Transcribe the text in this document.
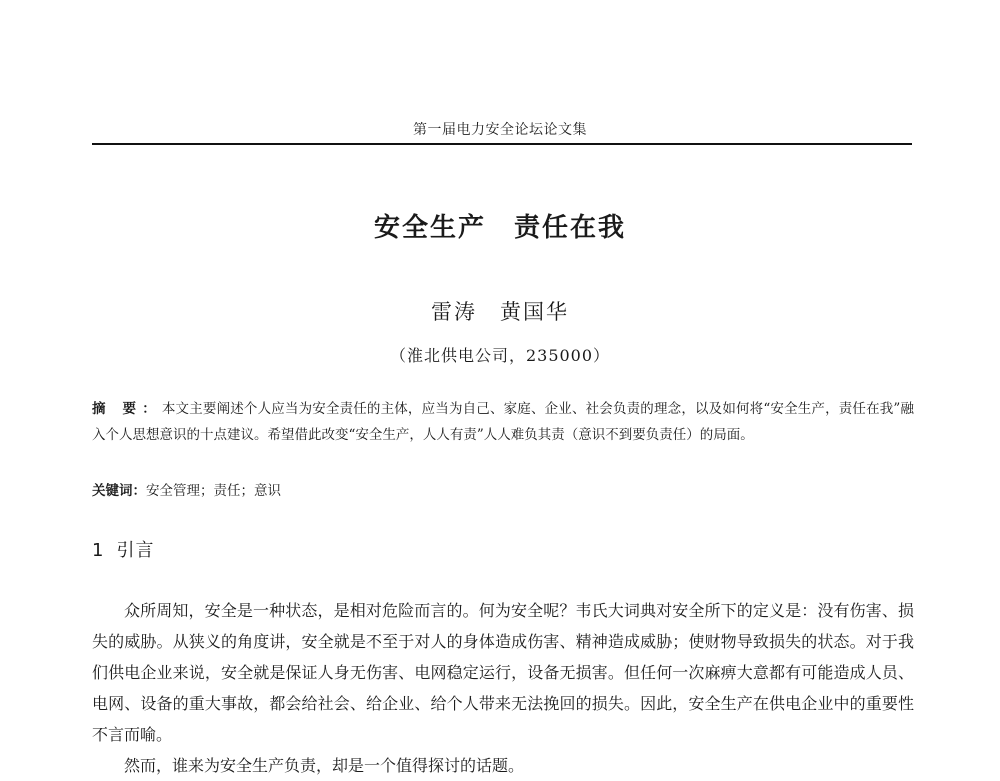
第一届电力安全论坛论文集
安全生产　责任在我
雷涛　黄国华
（淮北供电公司，235000）
摘 要：本文主要阐述个人应当为安全责任的主体，应当为自己、家庭、企业、社会负责的理念，以及如何将“安全生产，责任在我”融入个人思想意识的十点建议。希望借此改变“安全生产，人人有责”人人难负其责（意识不到要负责任）的局面。
关键词：安全管理；责任；意识
1 引言

众所周知，安全是一种状态，是相对危险而言的。何为安全呢？韦氏大词典对安全所下的定义是：没有伤害、损失的威胁。从狭义的角度讲，安全就是不至于对人的身体造成伤害、精神造成威胁；使财物导致损失的状态。对于我们供电企业来说，安全就是保证人身无伤害、电网稳定运行，设备无损害。但任何一次麻痹大意都有可能造成人员、电网、设备的重大事故，都会给社会、给企业、给个人带来无法挽回的损失。因此，安全生产在供电企业中的重要性不言而喻。

然而，谁来为安全生产负责，却是一个值得探讨的话题。
